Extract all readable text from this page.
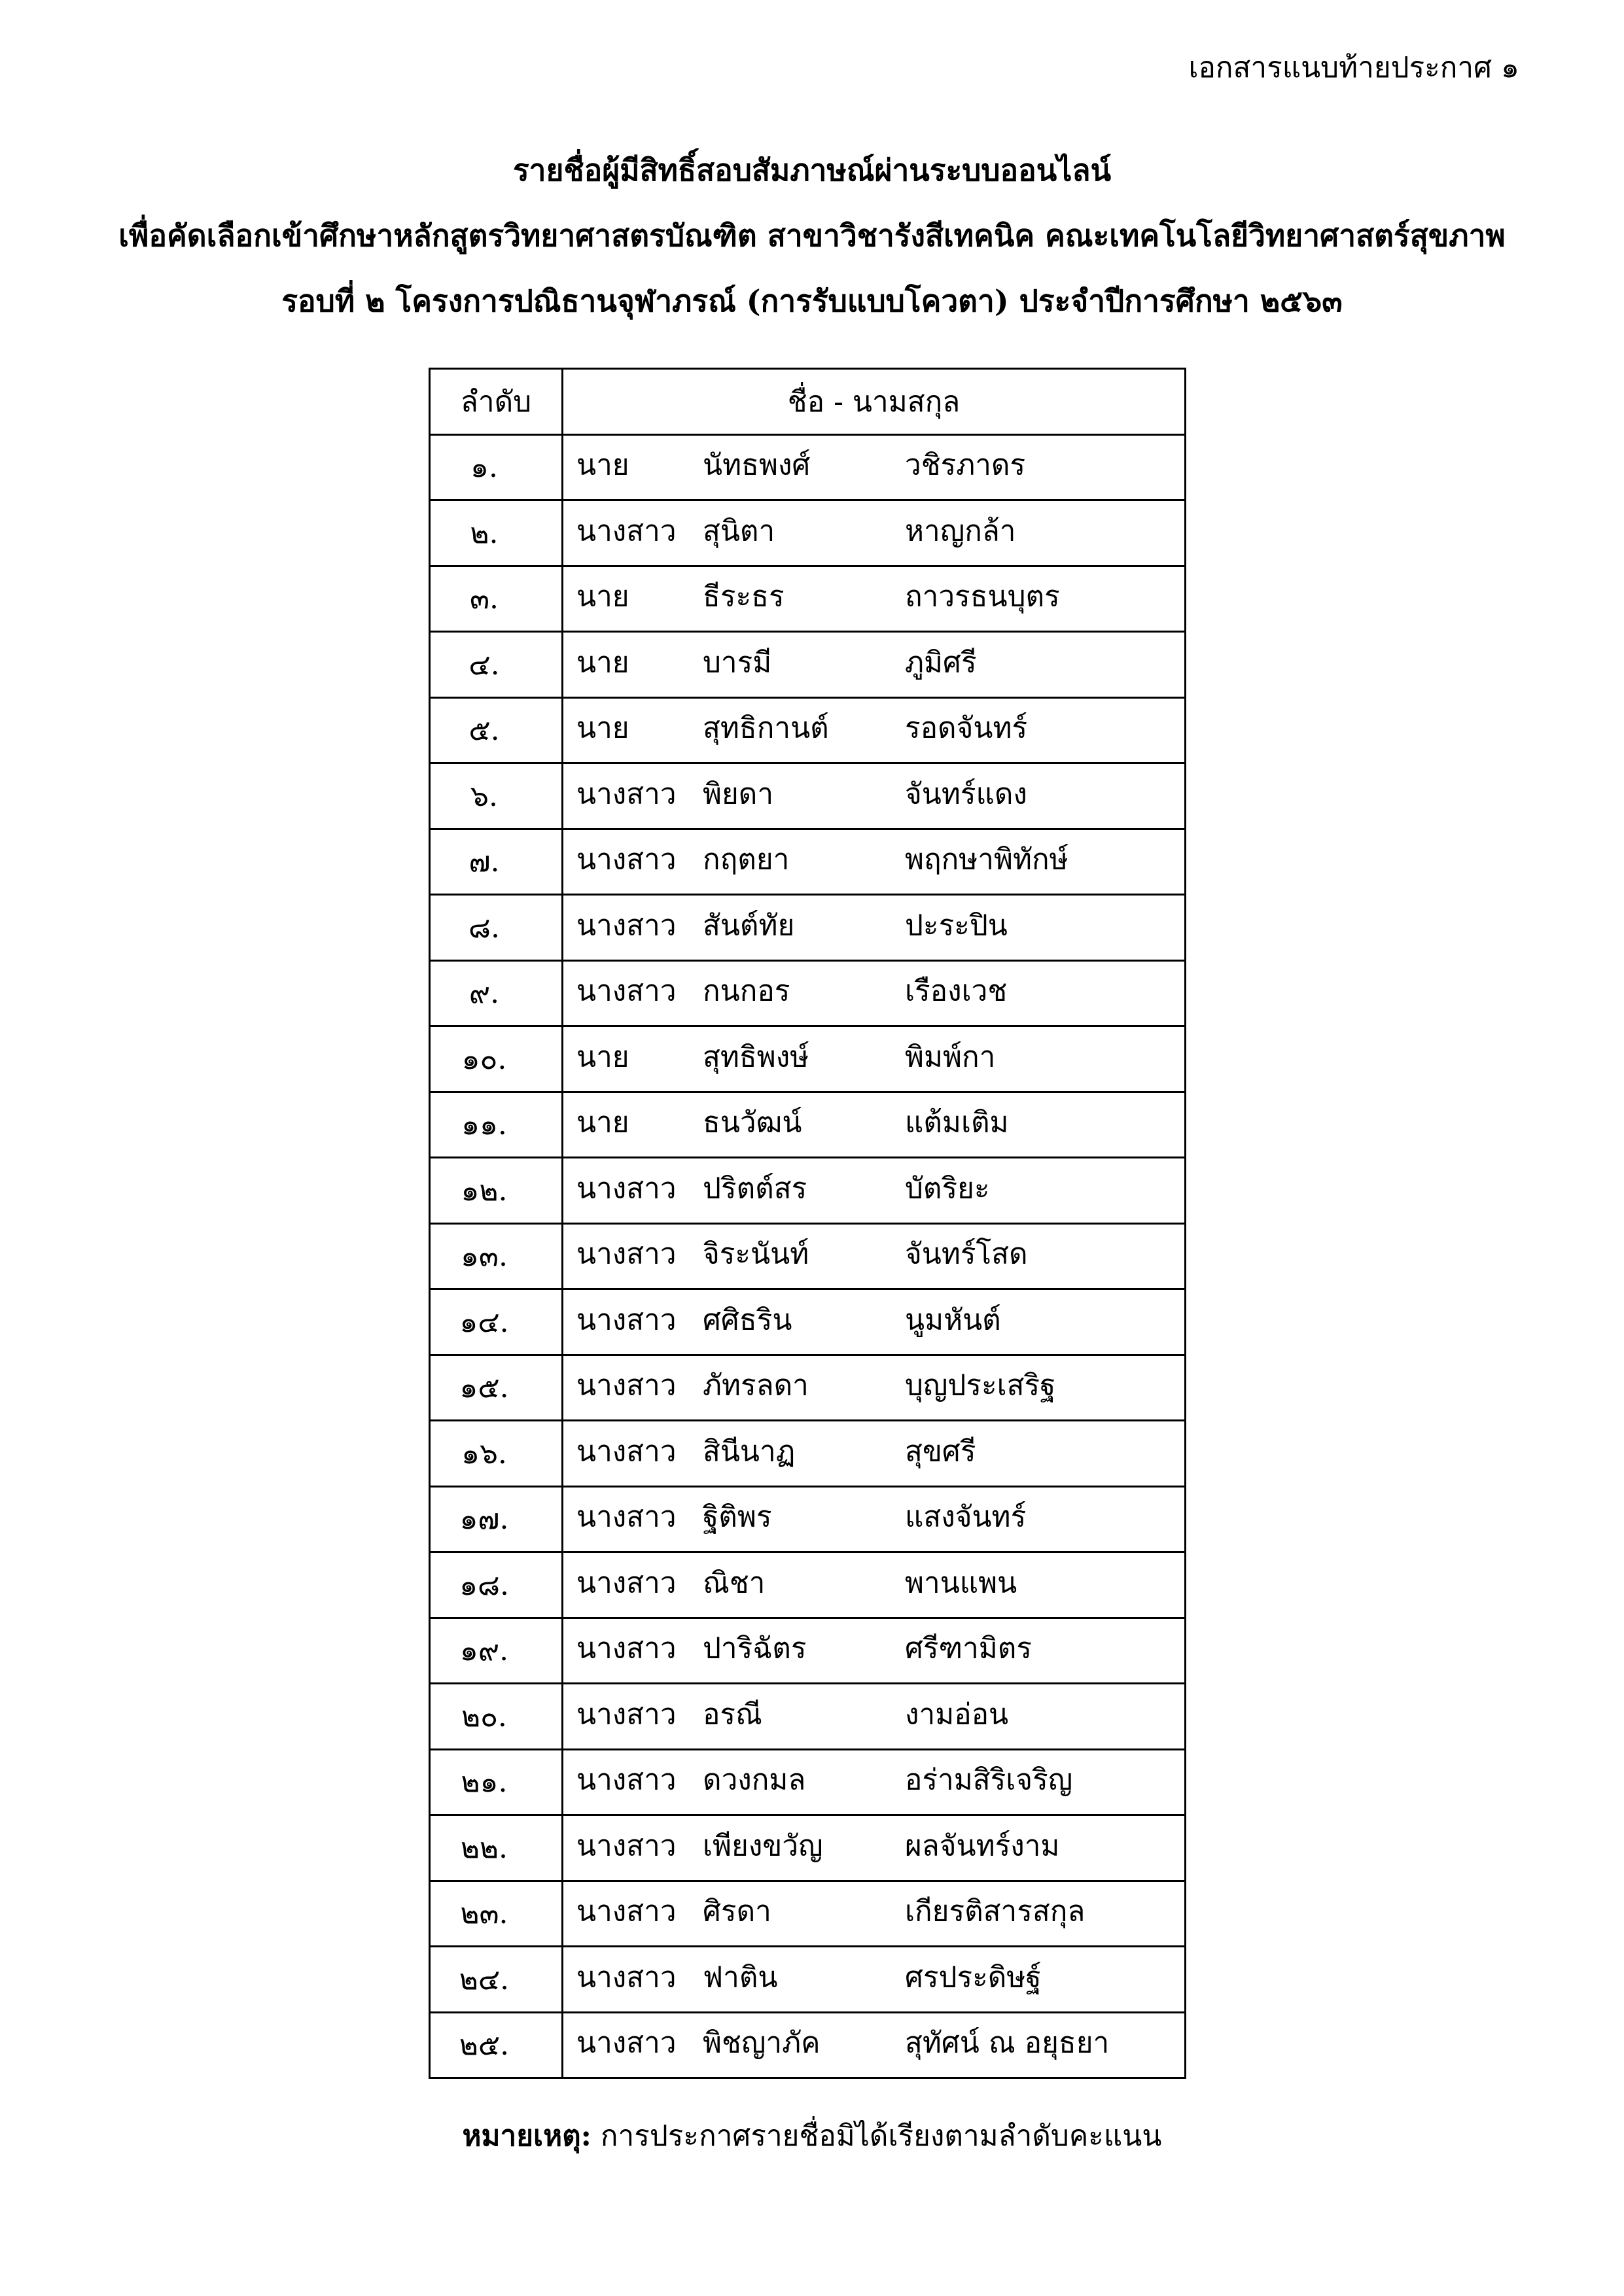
เอกสารแนบท้ายประกาศ ๑
รายชื่อผู้มีสิทธิ์สอบสัมภาษณ์ผ่านระบบออนไลน์
เพื่อคัดเลือกเข้าศึกษาหลักสูตรวิทยาศาสตรบัณฑิต สาขาวิชารังสีเทคนิค คณะเทคโนโลยีวิทยาศาสตร์สุขภาพ
รอบที่ ๒ โครงการปณิธานจุฬาภรณ์ (การรับแบบโควตา) ประจำปีการศึกษา ๒๕๖๓
ลำดับ	ชื่อ - นามสกุล
๑.	นาย นัทธพงศ์ วชิรภาดร

๒.	นางสาว สุนิตา หาญกล้า

๓.	นาย ธีระธร ถาวรธนบุตร

๔.	นาย บารมี ภูมิศรี

๕.	นาย สุทธิกานต์ รอดจันทร์

๖.	นางสาว พิยดา จันทร์แดง

๗.	นางสาว กฤตยา พฤกษาพิทักษ์

๘.	นางสาว สันต์ทัย ปะระปิน

๙.	นางสาว กนกอร เรืองเวช

๑๐.	นาย สุทธิพงษ์ พิมพ์กา

๑๑.	นาย ธนวัฒน์ แต้มเติม

๑๒.	นางสาว ปริตต์สร บัตริยะ

๑๓.	นางสาว จิระนันท์ จันทร์โสด

๑๔.	นางสาว ศศิธริน นูมหันต์

๑๕.	นางสาว ภัทรลดา บุญประเสริฐ

๑๖.	นางสาว สินีนาฏ สุขศรี

๑๗.	นางสาว ฐิติพร แสงจันทร์

๑๘.	นางสาว ณิชา พานแพน

๑๙.	นางสาว ปาริฉัตร ศรีฑามิตร

๒๐.	นางสาว อรณี งามอ่อน

๒๑.	นางสาว ดวงกมล อร่ามสิริเจริญ

๒๒.	นางสาว เพียงขวัญ ผลจันทร์งาม

๒๓.	นางสาว ศิรดา เกียรติสารสกุล

๒๔.	นางสาว ฟาติน ศรประดิษฐ์

๒๕.	นางสาว พิชญาภัค สุทัศน์ ณ อยุธยา
หมายเหตุ: การประกาศรายชื่อมิได้เรียงตามลำดับคะแนน
